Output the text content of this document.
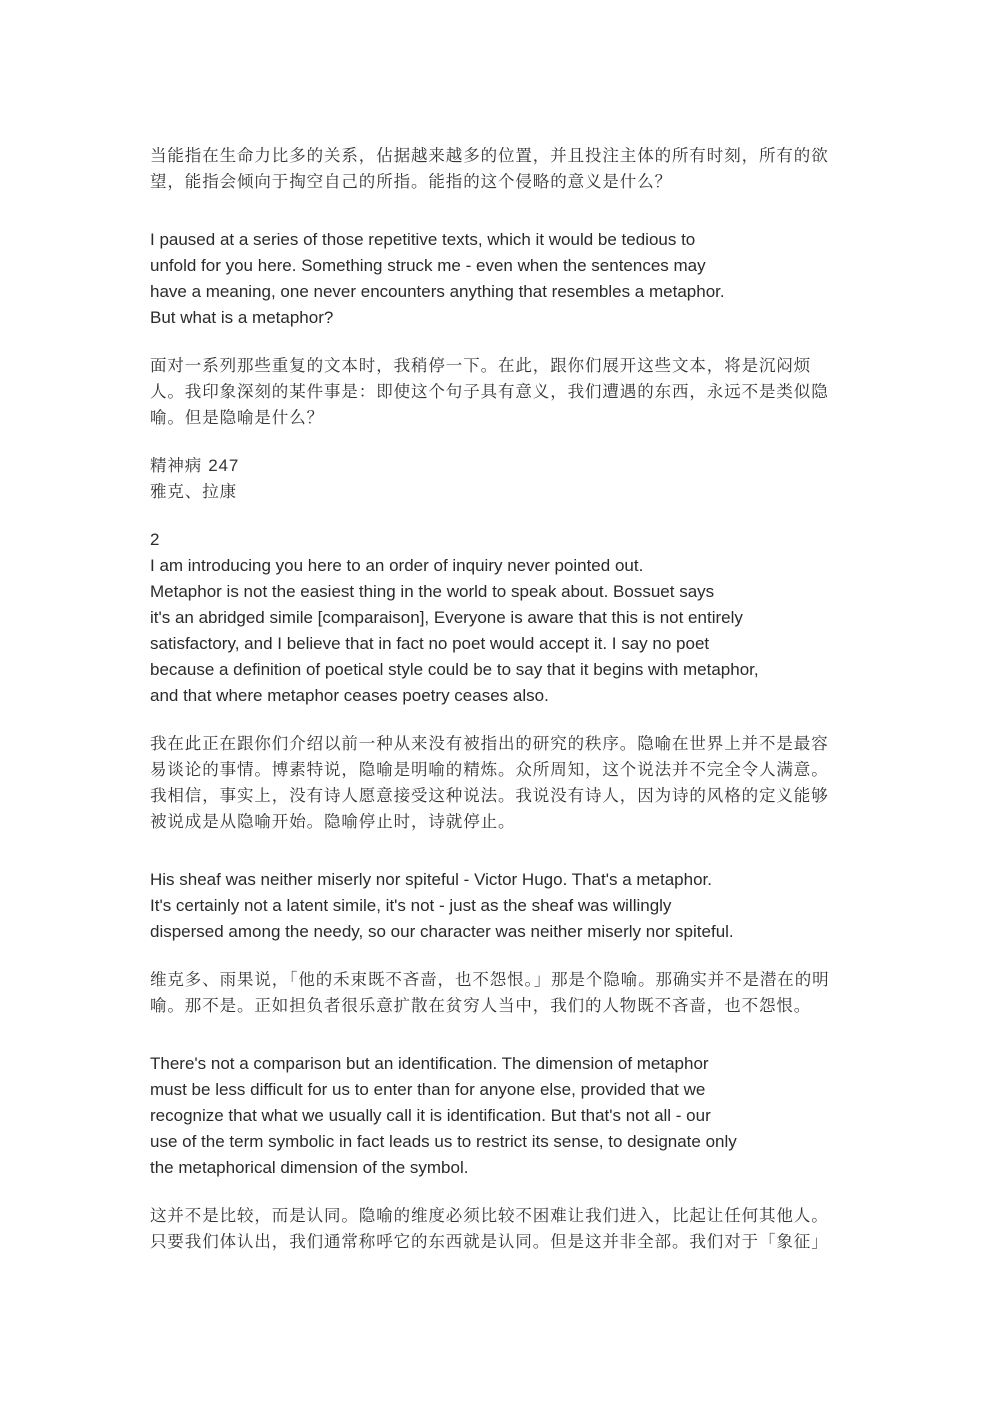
当能指在生命力比多的关系，佔据越来越多的位置，并且投注主体的所有时刻，所有的欲
望，能指会倾向于掏空自己的所指。能指的这个侵略的意义是什么？
I paused at a series of those repetitive texts, which it would be tedious to
unfold for you here. Something struck me - even when the sentences may
have a meaning, one never encounters anything that resembles a metaphor.
But what is a metaphor?
面对一系列那些重复的文本时，我稍停一下。在此，跟你们展开这些文本，将是沉闷烦
人。我印象深刻的某件事是：即使这个句子具有意义，我们遭遇的东西，永远不是类似隐
喻。但是隐喻是什么？
精神病 247
雅克、拉康
2
I am introducing you here to an order of inquiry never pointed out.
Metaphor is not the easiest thing in the world to speak about. Bossuet says
it's an abridged simile [comparaison], Everyone is aware that this is not entirely
satisfactory, and I believe that in fact no poet would accept it. I say no poet
because a definition of poetical style could be to say that it begins with metaphor,
and that where metaphor ceases poetry ceases also.
我在此正在跟你们介绍以前一种从来没有被指出的研究的秩序。隐喻在世界上并不是最容
易谈论的事情。博素特说，隐喻是明喻的精炼。众所周知，这个说法并不完全令人满意。
我相信，事实上，没有诗人愿意接受这种说法。我说没有诗人，因为诗的风格的定义能够
被说成是从隐喻开始。隐喻停止时，诗就停止。
His sheaf was neither miserly nor spiteful - Victor Hugo. That's a metaphor.
It's certainly not a latent simile, it's not - just as the sheaf was willingly
dispersed among the needy, so our character was neither miserly nor spiteful.
维克多、雨果说，「他的禾束既不吝啬，也不怨恨。」那是个隐喻。那确实并不是潜在的明
喻。那不是。正如担负者很乐意扩散在贫穷人当中，我们的人物既不吝啬，也不怨恨。
There's not a comparison but an identification. The dimension of metaphor
must be less difficult for us to enter than for anyone else, provided that we
recognize that what we usually call it is identification. But that's not all - our
use of the term symbolic in fact leads us to restrict its sense, to designate only
the metaphorical dimension of the symbol.
这并不是比较，而是认同。隐喻的维度必须比较不困难让我们进入，比起让任何其他人。
只要我们体认出，我们通常称呼它的东西就是认同。但是这并非全部。我们对于「象征」
